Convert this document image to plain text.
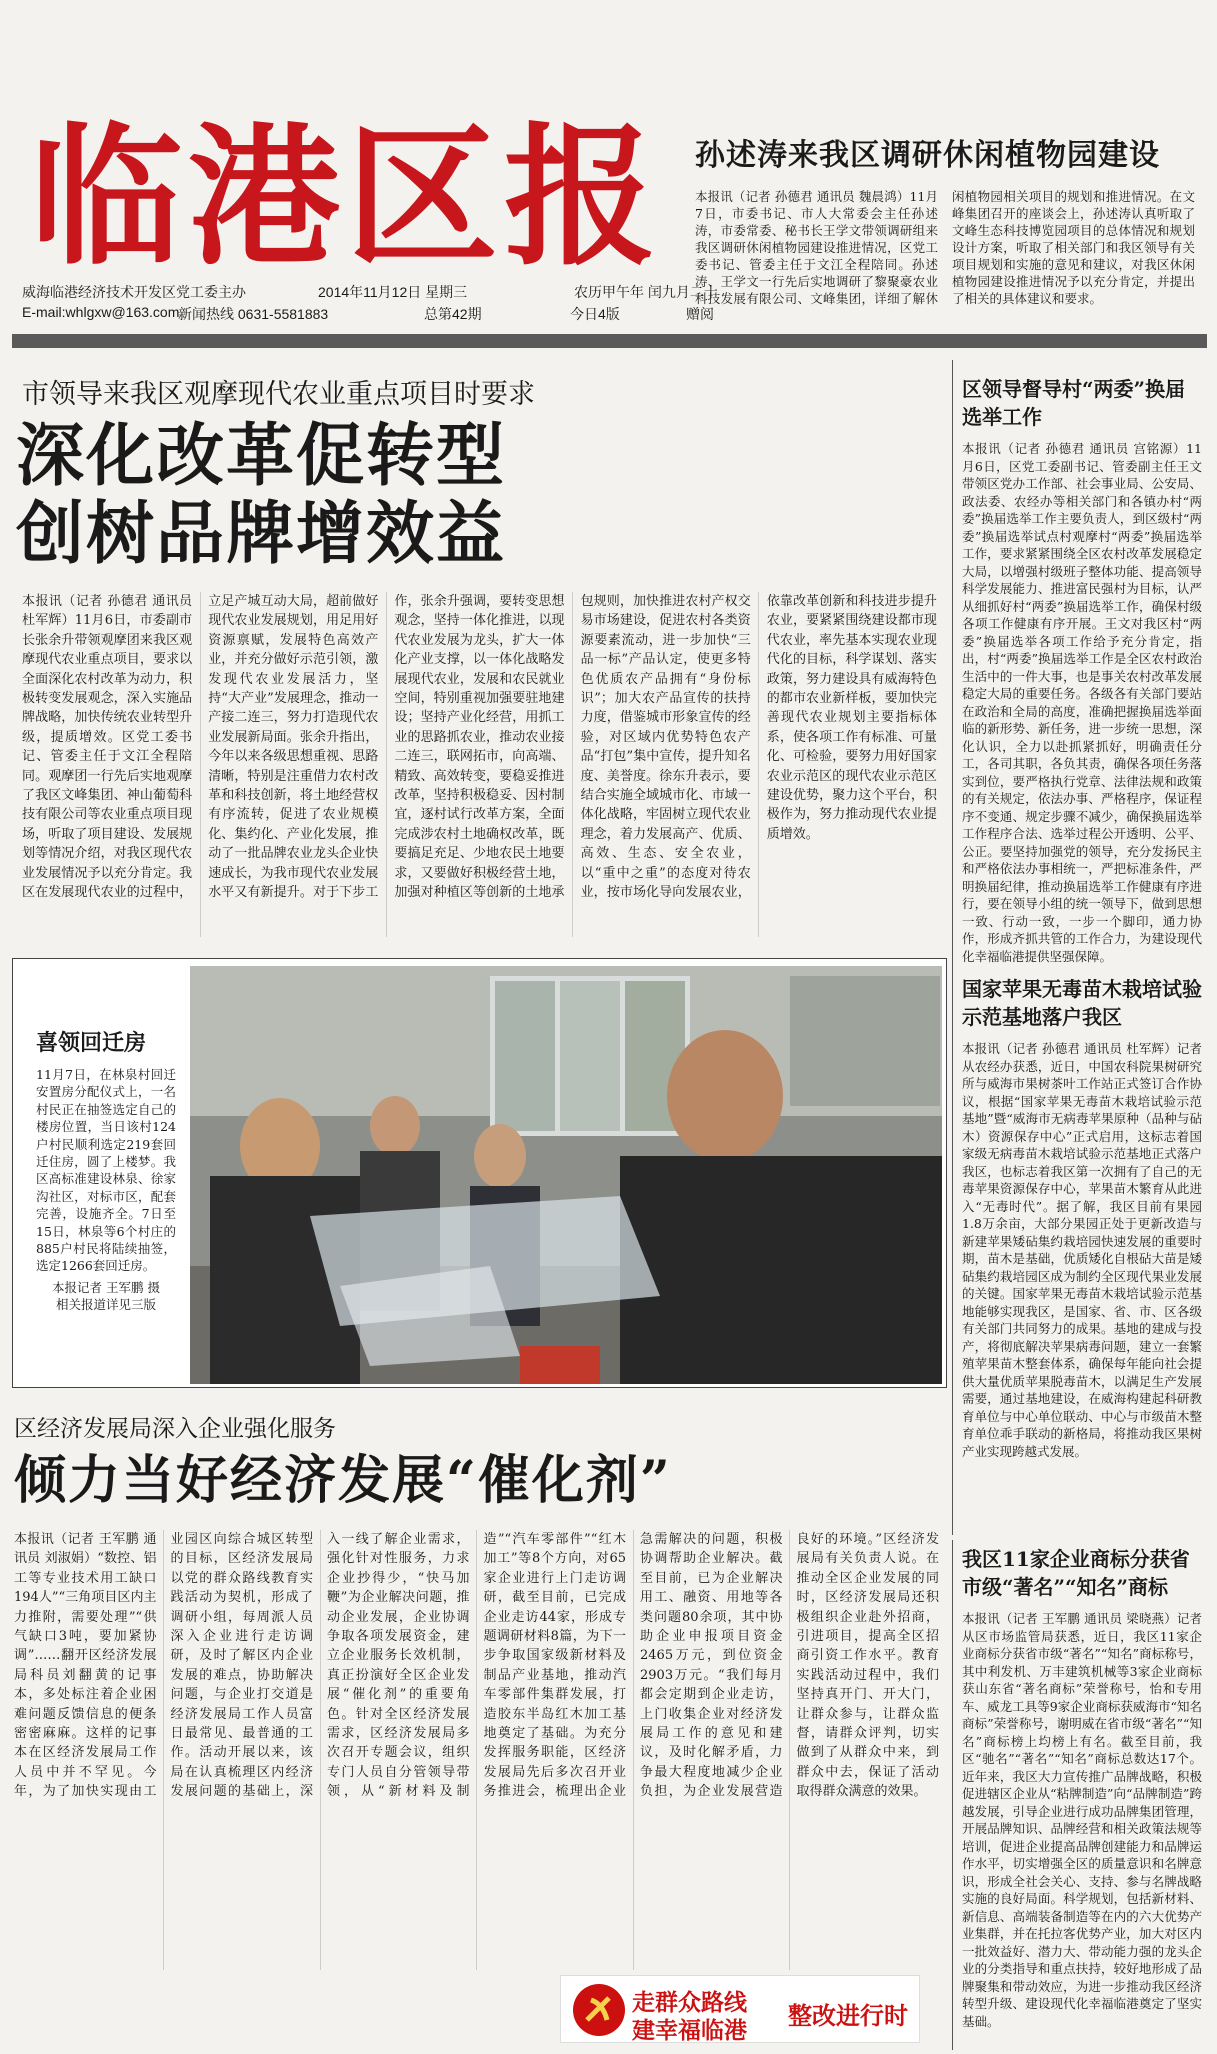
临港区报 孙述涛来我区调研休闲植物园建设
本报讯（记者 孙德君 通讯员 魏晨鸿）11月7日，市委书记、市人大常委会主任孙述涛，市委常委、秘书长王学文带领调研组来我区调研休闲植物园建设推进情况，区党工委书记、管委主任于文江全程陪同。孙述涛、王学文一行先后实地调研了黎聚豪农业科技发展有限公司、文峰集团，详细了解休闲植物园相关项目的规划和推进情况。在文峰集团召开的座谈会上，孙述涛认真听取了文峰生态科技博览园项目的总体情况和规划设计方案，听取了相关部门和我区领导有关项目规划和实施的意见和建议，对我区休闲植物园建设推进情况予以充分肯定，并提出了相关的具体建议和要求。
威海临港经济技术开发区党工委主办	2014年11月12日 星期三	农历甲午年 闰九月二十
E-mail:whlgxw@163.com
新闻热线 0631-5581883	总第42期	今日4版	赠阅
市领导来我区观摩现代农业重点项目时要求
深化改革促转型
创树品牌增效益
本报讯（记者 孙德君 通讯员 杜军辉）11月6日，市委副市长张余升带领观摩团来我区观摩现代农业重点项目，要求以全面深化农村改革为动力，积极转变发展观念，深入实施品牌战略，加快传统农业转型升级，提质增效。区党工委书记、管委主任于文江全程陪同。观摩团一行先后实地观摩了我区文峰集团、神山葡萄科技有限公司等农业重点项目现场，听取了项目建设、发展规划等情况介绍，对我区现代农业发展情况予以充分肯定。我区在发展现代农业的过程中，立足产城互动大局，超前做好现代农业发展规划，用足用好资源禀赋，发展特色高效产业，并充分做好示范引领，激发现代农业发展活力，坚持“大产业”发展理念，推动一产接二连三，努力打造现代农业发展新局面。张余升指出，今年以来各级思想重视、思路清晰，特别是注重借力农村改革和科技创新，将土地经营权有序流转，促进了农业规模化、集约化、产业化发展，推动了一批品牌农业龙头企业快速成长，为我市现代农业发展水平又有新提升。对于下步工作，张余升强调，要转变思想观念，坚持一体化推进，以现代农业发展为龙头，扩大一体化产业支撑，以一体化战略发展现代农业，发展和农民就业空间，特别重视加强要驻地建设；坚持产业化经营，用抓工业的思路抓农业，推动农业接二连三，联网拓市，向高端、精致、高效转变，要稳妥推进改革，坚持积极稳妥、因村制宜，逐村试行改革方案，全面完成涉农村土地确权改革，既要搞足充足、少地农民土地要求，又要做好积极经营土地，加强对种植区等创新的土地承包规则，加快推进农村产权交易市场建设，促进农村各类资源要素流动，进一步加快“三品一标”产品认定，使更多特色优质农产品拥有“身份标识”；加大农产品宣传的扶持力度，借鉴城市形象宣传的经验，对区域内优势特色农产品“打包”集中宣传，提升知名度、美誉度。徐东升表示，要结合实施全域城市化、市域一体化战略，牢固树立现代农业理念，着力发展高产、优质、高效、生态、安全农业，以“重中之重”的态度对待农业，按市场化导向发展农业，依靠改革创新和科技进步提升农业，要紧紧围绕建设都市现代农业，率先基本实现农业现代化的目标，科学谋划、落实政策，努力建设具有威海特色的都市农业新样板，要加快完善现代农业规划主要指标体系，使各项工作有标准、可量化、可检验，要努力用好国家农业示范区的现代农业示范区建设优势，聚力这个平台，积极作为，努力推动现代农业提质增效。
区领导督导村“两委”换届选举工作
本报讯（记者 孙德君 通讯员 宫铭源）11月6日，区党工委副书记、管委副主任王文带领区党办工作部、社会事业局、公安局、政法委、农经办等相关部门和各镇办村“两委”换届选举工作主要负责人，到区级村“两委”换届选举试点村观摩村“两委”换届选举工作，要求紧紧围绕全区农村改革发展稳定大局，以增强村级班子整体功能、提高领导科学发展能力、推进富民强村为目标，认严从细抓好村“两委”换届选举工作，确保村级各项工作健康有序开展。王文对我区村“两委”换届选举各项工作给予充分肯定，指出，村“两委”换届选举工作是全区农村政治生活中的一件大事，也是事关农村改革发展稳定大局的重要任务。各级各有关部门要站在政治和全局的高度，准确把握换届选举面临的新形势、新任务，进一步统一思想，深化认识，全力以赴抓紧抓好，明确责任分工，各司其职，各负其责，确保各项任务落实到位，要严格执行党章、法律法规和政策的有关规定，依法办事、严格程序，保证程序不变通、规定步骤不减少，确保换届选举工作程序合法、选举过程公开透明、公平、公正。要坚持加强党的领导，充分发扬民主和严格依法办事相统一，严把标准条件，严明换届纪律，推动换届选举工作健康有序进行，要在领导小组的统一领导下，做到思想一致、行动一致，一步一个脚印，通力协作，形成齐抓共管的工作合力，为建设现代化幸福临港提供坚强保障。
喜领回迁房
11月7日，在林泉村回迁安置房分配仪式上，一名村民正在抽签选定自己的楼房位置，当日该村124户村民顺利选定219套回迁住房，圆了上楼梦。我区高标准建设林泉、徐家沟社区，对标市区，配套完善，设施齐全。7日至15日，林泉等6个村庄的885户村民将陆续抽签，选定1266套回迁房。
本报记者 王军鹏 摄
相关报道详见三版
国家苹果无毒苗木栽培试验示范基地落户我区
本报讯（记者 孙德君 通讯员 杜军辉）记者从农经办获悉，近日，中国农科院果树研究所与威海市果树茶叶工作站正式签订合作协议，根据“国家苹果无毒苗木栽培试验示范基地”暨“威海市无病毒苹果原种（品种与砧木）资源保存中心”正式启用，这标志着国家级无病毒苗木栽培试验示范基地正式落户我区，也标志着我区第一次拥有了自己的无毒苹果资源保存中心，苹果苗木繁育从此进入“无毒时代”。据了解，我区目前有果园1.8万余亩，大部分果园正处于更新改造与新建苹果矮砧集约栽培园快速发展的重要时期，苗木是基础，优质矮化自根砧大苗是矮砧集约栽培园区成为制约全区现代果业发展的关键。国家苹果无毒苗木栽培试验示范基地能够实现我区，是国家、省、市、区各级有关部门共同努力的成果。基地的建成与投产，将彻底解决苹果病毒问题，建立一套繁殖苹果苗木整套体系，确保每年能向社会提供大量优质苹果脱毒苗木，以满足生产发展需要，通过基地建设，在威海构建起科研教育单位与中心单位联动、中心与市级苗木整育单位乖手联动的新格局，将推动我区果树产业实现跨越式发展。
区经济发展局深入企业强化服务
倾力当好经济发展“催化剂”
本报讯（记者 王军鹏 通讯员 刘淑娟）“数控、铝工等专业技术用工缺口194人”“三角项目区内主力推附，需要处理”“供气缺口3吨，要加紧协调”……翻开区经济发展局科员刘翻黄的记事本，多处标注着企业困难问题反馈信息的便条密密麻麻。这样的记事本在区经济发展局工作人员中并不罕见。今年，为了加快实现由工业园区向综合城区转型的目标，区经济发展局以党的群众路线教育实践活动为契机，形成了调研小组，每周派人员深入企业进行走访调研，及时了解区内企业发展的难点，协助解决问题，与企业打交道是经济发展局工作人员富日最常见、最普通的工作。活动开展以来，该局在认真梳理区内经济发展问题的基础上，深入一线了解企业需求，强化针对性服务，力求企业抄得少，“快马加鞭”为企业解决问题，推动企业发展，企业协调争取各项发展资金，建立企业服务长效机制，真正扮演好全区企业发展“催化剂”的重要角色。针对全区经济发展需求，区经济发展局多次召开专题会议，组织专门人员自分管领导带领，从“新材料及制造”“汽车零部件”“红木加工”等8个方向，对65家企业进行上门走访调研，截至目前，已完成企业走访44家，形成专题调研材料8篇，为下一步争取国家级新材料及制品产业基地，推动汽车零部件集群发展，打造胶东半岛红木加工基地奠定了基础。为充分发挥服务职能，区经济发展局先后多次召开业务推进会，梳理出企业急需解决的问题，积极协调帮助企业解决。截至目前，已为企业解决用工、融资、用地等各类问题80余项，其中协助企业申报项目资金2465万元，到位资金2903万元。“我们每月都会定期到企业走访，上门收集企业对经济发展局工作的意见和建议，及时化解矛盾，力争最大程度地减少企业负担，为企业发展营造良好的环境。”区经济发展局有关负责人说。在推动全区企业发展的同时，区经济发展局还积极组织企业赴外招商，引进项目，提高全区招商引资工作水平。教育实践活动过程中，我们坚持真开门、开大门，让群众参与，让群众监督，请群众评判，切实做到了从群众中来，到群众中去，保证了活动取得群众满意的效果。
走群众路线
建幸福临港
整改进行时
我区11家企业商标分获省市级“著名”“知名”商标
本报讯（记者 王军鹏 通讯员 梁晓燕）记者从区市场监管局获悉，近日，我区11家企业商标分获省市级“著名”“知名”商标称号，其中利发机、万丰建筑机械等3家企业商标获山东省“著名商标”荣誉称号，怡和专用车、威龙工具等9家企业商标获威海市“知名商标”荣誉称号，谢明威在省市级“著名”“知名”商标榜上均榜上有名。截至目前，我区“驰名”“著名”“知名”商标总数达17个。近年来，我区大力宣传推广品牌战略，积极促进辖区企业从“粘牌制造”向“品牌制造”跨越发展，引导企业进行成功品牌集团管理，开展品牌知识、品牌经营和相关政策法规等培训，促进企业提高品牌创建能力和品牌运作水平，切实增强全区的质量意识和名牌意识，形成全社会关心、支持、参与名牌战略实施的良好局面。科学规划，包括新材料、新信息、高端装备制造等在内的六大优势产业集群，并在托拉客优势产业，加大对区内一批效益好、潜力大、带动能力强的龙头企业的分类指导和重点扶持，较好地形成了品牌聚集和带动效应，为进一步推动我区经济转型升级、建设现代化幸福临港奠定了坚实基础。
